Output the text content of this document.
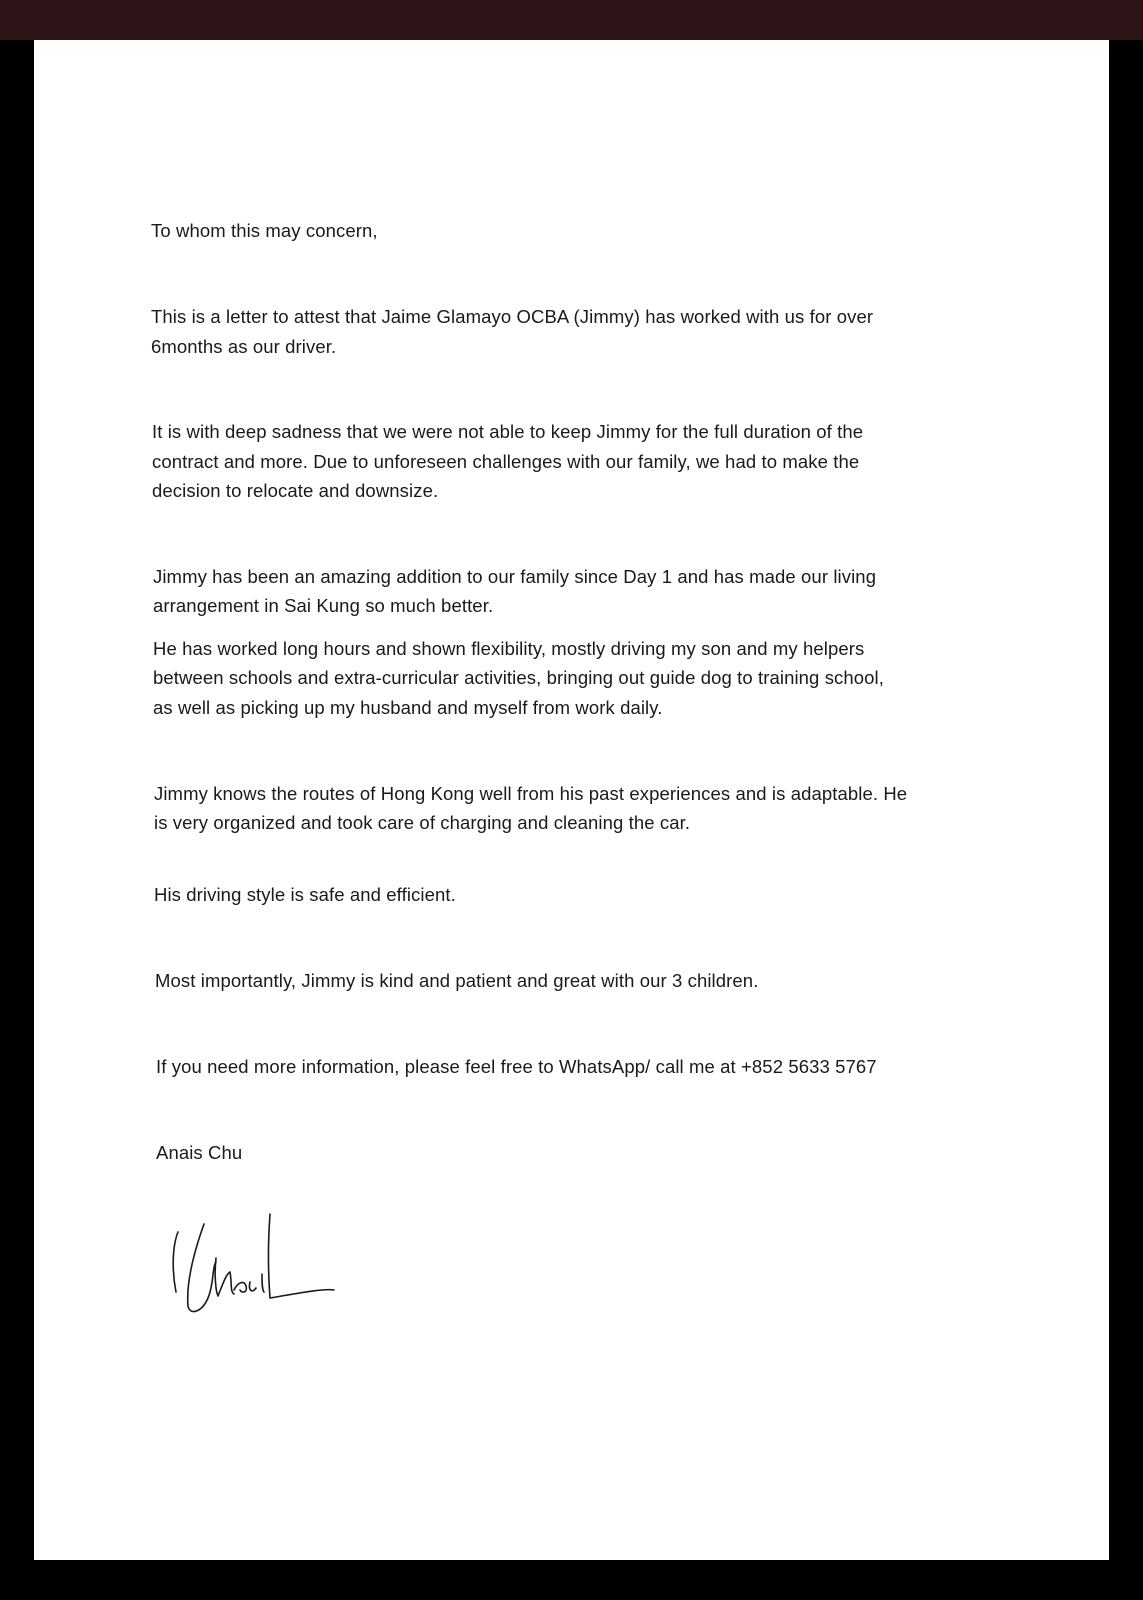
To whom this may concern,

This is a letter to attest that Jaime Glamayo OCBA (Jimmy) has worked with us for over

6months as our driver.

It is with deep sadness that we were not able to keep Jimmy for the full duration of the

contract and more. Due to unforeseen challenges with our family, we had to make the

decision to relocate and downsize.

Jimmy has been an amazing addition to our family since Day 1 and has made our living

arrangement in Sai Kung so much better.

He has worked long hours and shown flexibility, mostly driving my son and my helpers

between schools and extra-curricular activities, bringing out guide dog to training school,

as well as picking up my husband and myself from work daily.

Jimmy knows the routes of Hong Kong well from his past experiences and is adaptable. He

is very organized and took care of charging and cleaning the car.

His driving style is safe and efficient.

Most importantly, Jimmy is kind and patient and great with our 3 children.

If you need more information, please feel free to WhatsApp/ call me at +852 5633 5767

Anais Chu
